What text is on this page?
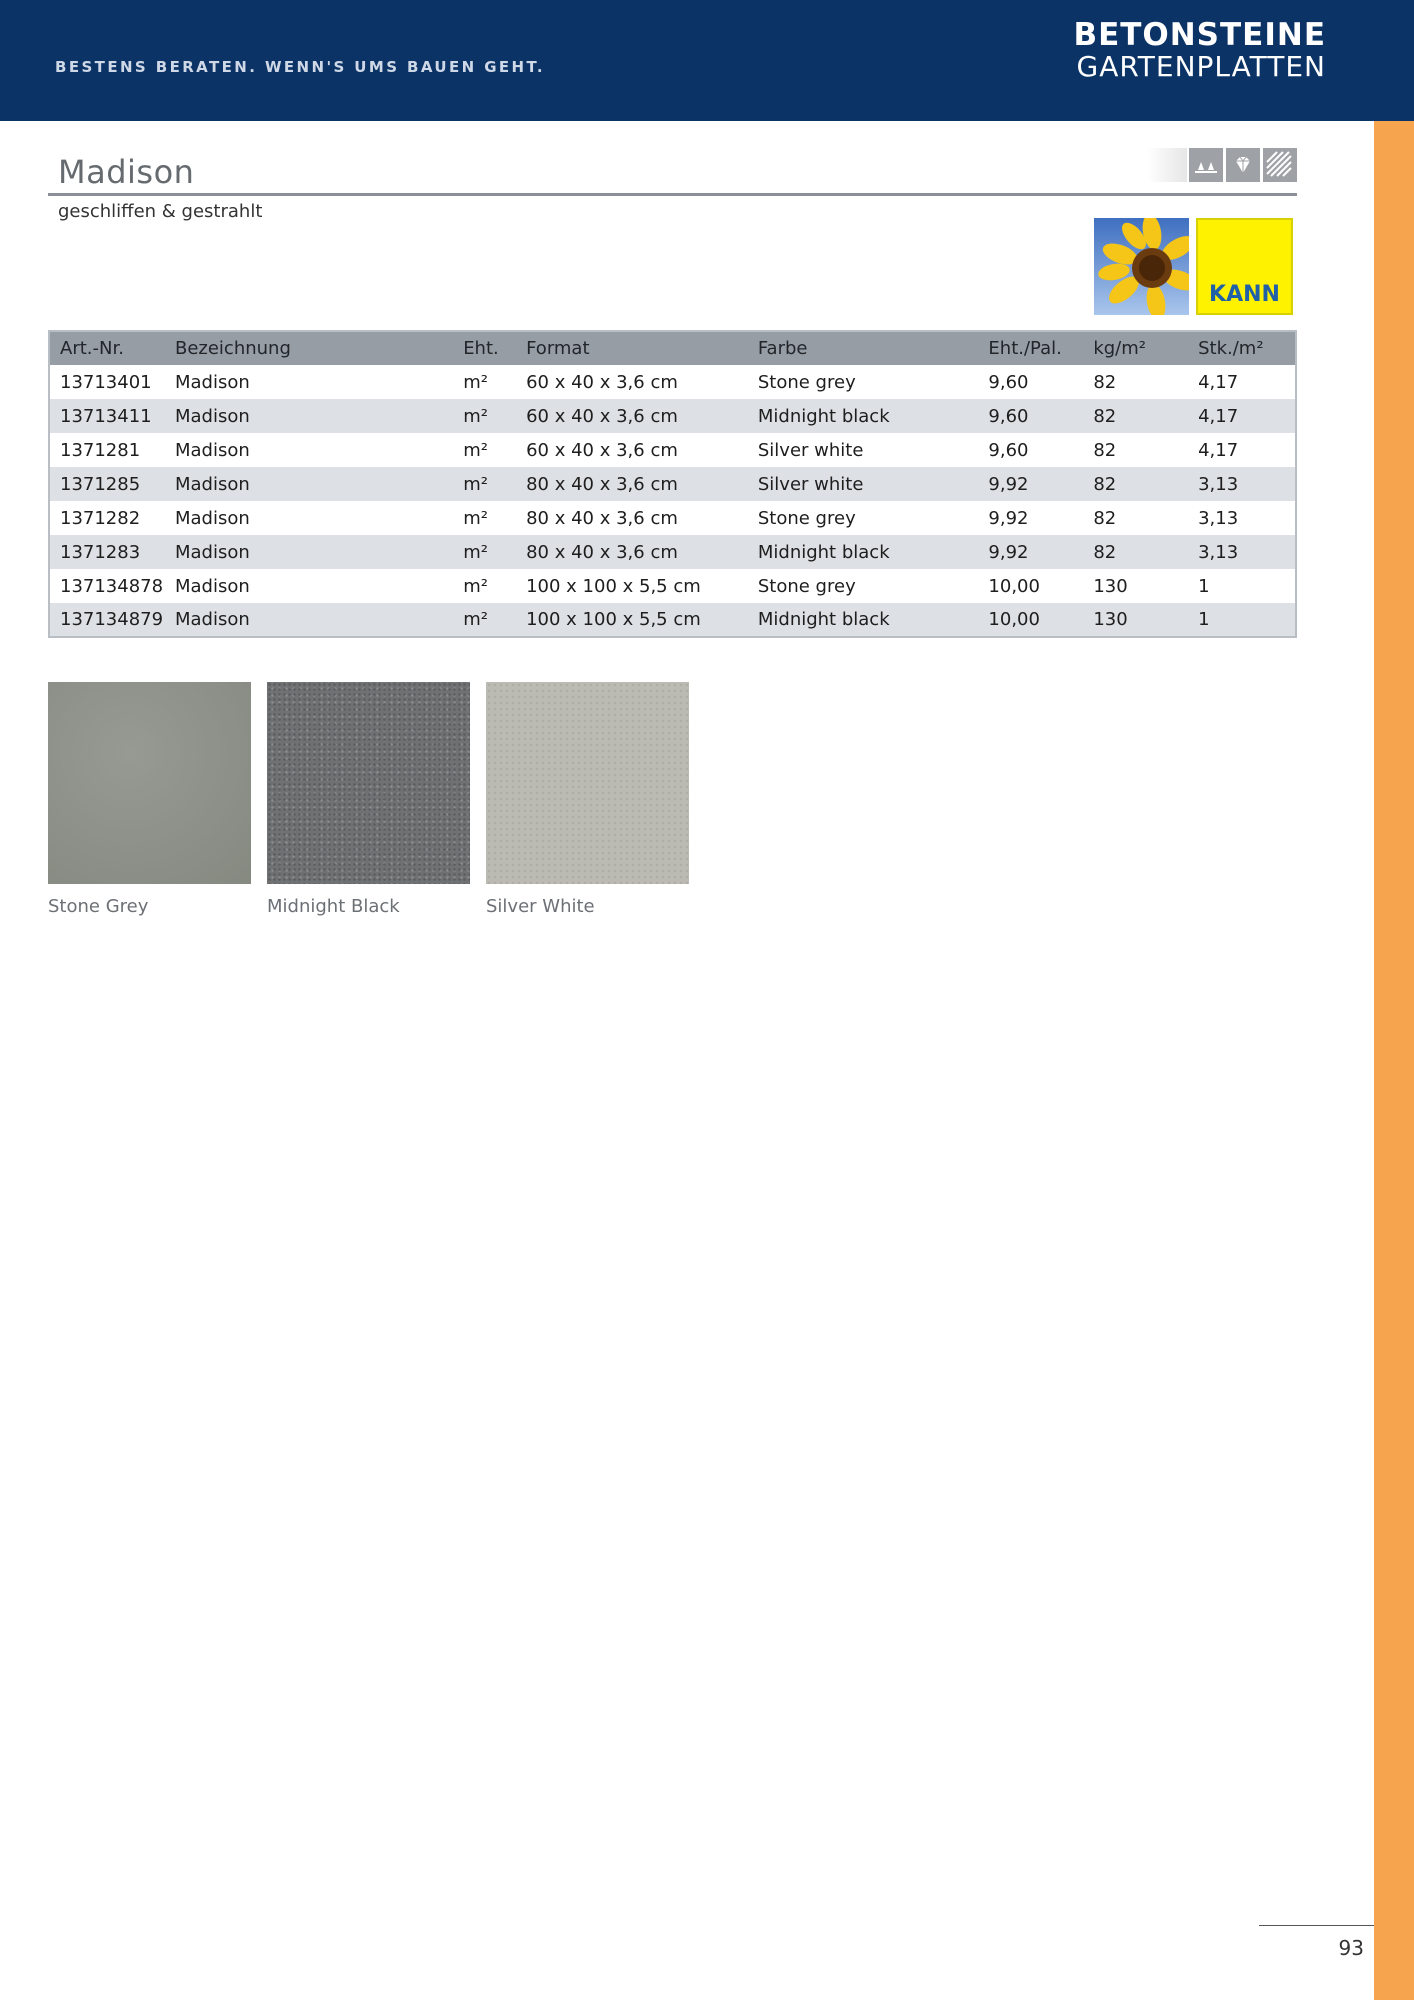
BESTENS BERATEN. WENN'S UMS BAUEN GEHT.
BETONSTEINE
GARTENPLATTEN
Madison
geschliffen & gestrahlt
KANN
Art.-Nr.	Bezeichnung	Eht.	Format	Farbe	Eht./Pal.	kg/m²	Stk./m²
13713401	Madison	m²	60 x 40 x 3,6 cm	Stone grey	9,60	82	4,17
13713411	Madison	m²	60 x 40 x 3,6 cm	Midnight black	9,60	82	4,17
1371281	Madison	m²	60 x 40 x 3,6 cm	Silver white	9,60	82	4,17
1371285	Madison	m²	80 x 40 x 3,6 cm	Silver white	9,92	82	3,13
1371282	Madison	m²	80 x 40 x 3,6 cm	Stone grey	9,92	82	3,13
1371283	Madison	m²	80 x 40 x 3,6 cm	Midnight black	9,92	82	3,13
137134878	Madison	m²	100 x 100 x 5,5 cm	Stone grey	10,00	130	1
137134879	Madison	m²	100 x 100 x 5,5 cm	Midnight black	10,00	130	1
Stone Grey	Midnight Black	Silver White
93
